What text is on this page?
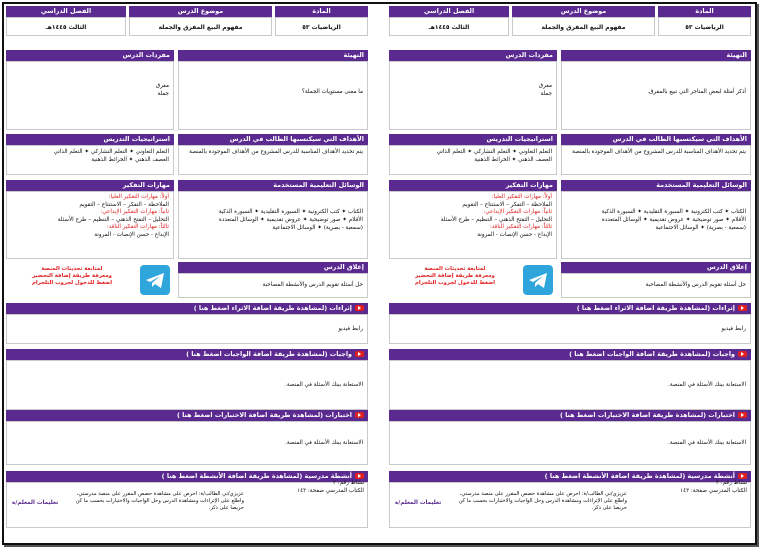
المادة
الرياضيات ٥٣
موضوع الدرس
مفهوم البيع المفرق والجملة
الفصل الدراسي
الثالث ١٤٤٥هـ
التهيئة
أذكر أمثلة لبعض المتاجر التي تبيع بالمفرق.
مفردات الدرس
مفرق
جملة
الأهداف التي سيكتسبها الطالب في الدرس
يتم تحديد الأهداف المناسبة للدرس المشروح من الأهداف الموجودة بالمنصة
استراتيجيات التدريس
التعلم التعاوني ✦ التعلم التشاركي ✦ التعلم الذاتي
العصف الذهني ✦ الخرائط الذهنية
الوسائل التعليمية المستخدمة
الكتاب ✦ كتب الكترونية ✦ السبورة التقليدية ✦ السبورة الذكية
الأقلام ✦ صور توضيحية ✦ عروض تقديمية ✦ الوسائل المتعددة
(سمعية - بصرية) ✦ الوسائل الاجتماعية
مهارات التفكير
أولاً: مهارات التفكير العليا:
الملاحظة – التفكر – الاستنتاج – التقويم
ثانياً: مهارات التفكير الإبداعي:
التحليل – التفتح الذهني – التنظيم – طرح الأسئلة
ثالثاً: مهارات التفكير الناقد:
الإبداع - حسن الإنصات - المرونة
إغلاق الدرس
حل أسئلة تقويم الدرس والأنشطة المصاحبة
لمتابعة تحديثات المنصة
ومعرفة طريقة إضافة التحضير
اضغط للدخول لجروب التلجرام
إثراءات (لمشاهدة طريقة اضافة الاثراء اضغط هنا )
رابط فيديو
واجبات (لمشاهدة طريقة اضافة الواجبات اضغط هنا )
الاستعانة ببنك الأسئلة في المنصة.
اختبارات (لمشاهدة طريقة اضافة الاختبارات اضغط هنا )
الاستعانة ببنك الأسئلة في المنصة.
أنشطة مدرسية (لمشاهدة طريقة اضافة الأنشطة اضغط هنا )
نشاط رقم: ٣
الكتاب المدرسي صفحة: ١٤٣
عزيزي/تي الطالب/ة: احرص على مشاهدة حصص المقرر على منصة مدرستي،
واطلع على الإثراءات ومشاهدة الدرس وحل الواجبات والاختبارات بحسب ما كن حريصا على ذكر.
تعليمات المعلم/ة
المادة
الرياضيات ٥٣
موضوع الدرس
مفهوم البيع المفرق والجملة
الفصل الدراسي
الثالث ١٤٤٥هـ
التهيئة
ما معنى مستويات الجملة؟
مفردات الدرس
مفرق
جملة
الأهداف التي سيكتسبها الطالب في الدرس
يتم تحديد الأهداف المناسبة للدرس المشروح من الأهداف الموجودة بالمنصة
استراتيجيات التدريس
التعلم التعاوني ✦ التعلم التشاركي ✦ التعلم الذاتي
العصف الذهني ✦ الخرائط الذهنية
الوسائل التعليمية المستخدمة
الكتاب ✦ كتب الكترونية ✦ السبورة التقليدية ✦ السبورة الذكية
الأقلام ✦ صور توضيحية ✦ عروض تقديمية ✦ الوسائل المتعددة
(سمعية - بصرية) ✦ الوسائل الاجتماعية
مهارات التفكير
أولاً: مهارات التفكير العليا:
الملاحظة – التفكر – الاستنتاج – التقويم
ثانياً: مهارات التفكير الإبداعي:
التحليل – التفتح الذهني – التنظيم – طرح الأسئلة
ثالثاً: مهارات التفكير الناقد:
الإبداع - حسن الإنصات - المرونة
إغلاق الدرس
حل أسئلة تقويم الدرس والأنشطة المصاحبة
لمتابعة تحديثات المنصة
ومعرفة طريقة إضافة التحضير
اضغط للدخول لجروب التلجرام
إثراءات (لمشاهدة طريقة اضافة الاثراء اضغط هنا )
رابط فيديو
واجبات (لمشاهدة طريقة اضافة الواجبات اضغط هنا )
الاستعانة ببنك الأسئلة في المنصة.
اختبارات (لمشاهدة طريقة اضافة الاختبارات اضغط هنا )
الاستعانة ببنك الأسئلة في المنصة.
أنشطة مدرسية (لمشاهدة طريقة اضافة الأنشطة اضغط هنا )
نشاط رقم: ٢
الكتاب المدرسي صفحة: ١٤٣
عزيزي/تي الطالب/ة: احرص على مشاهدة حصص المقرر على منصة مدرستي،
واطلع على الإثراءات ومشاهدة الدرس وحل الواجبات والاختبارات بحسب ما كن حريصا على ذكر.
تعليمات المعلم/ة
